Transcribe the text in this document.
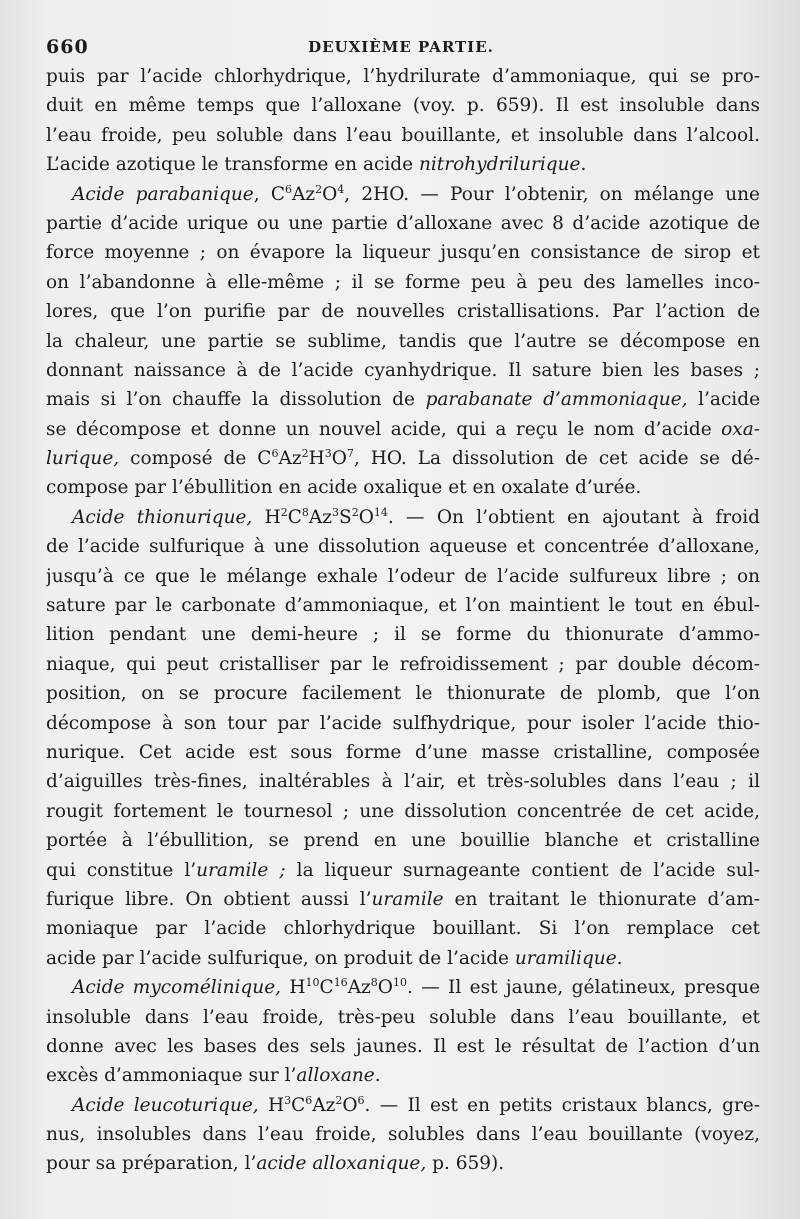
660	DEUXIÈME PARTIE.
puis par l’acide chlorhydrique, l’hydrilurate d’ammoniaque, qui se pro-
duit en même temps que l’alloxane (voy. p. 659). Il est insoluble dans
l’eau froide, peu soluble dans l’eau bouillante, et insoluble dans l’alcool.
L’acide azotique le transforme en acide nitrohydrilurique.
Acide parabanique, $C^6Az^2O^4$, 2HO. — Pour l’obtenir, on mélange une
partie d’acide urique ou une partie d’alloxane avec 8 d’acide azotique de
force moyenne ; on évapore la liqueur jusqu’en consistance de sirop et
on l’abandonne à elle-même ; il se forme peu à peu des lamelles inco-
lores, que l’on purifie par de nouvelles cristallisations. Par l’action de
la chaleur, une partie se sublime, tandis que l’autre se décompose en
donnant naissance à de l’acide cyanhydrique. Il sature bien les bases ;
mais si l’on chauffe la dissolution de parabanate d’ammoniaque, l’acide
se décompose et donne un nouvel acide, qui a reçu le nom d’acide oxa-
lurique, composé de $C^6Az^2H^3O^7$, HO. La dissolution de cet acide se dé-
compose par l’ébullition en acide oxalique et en oxalate d’urée.
Acide thionurique, $H^2C^8Az^3S^2O^{14}$. — On l’obtient en ajoutant à froid
de l’acide sulfurique à une dissolution aqueuse et concentrée d’alloxane,
jusqu’à ce que le mélange exhale l’odeur de l’acide sulfureux libre ; on
sature par le carbonate d’ammoniaque, et l’on maintient le tout en ébul-
lition pendant une demi-heure ; il se forme du thionurate d’ammo-
niaque, qui peut cristalliser par le refroidissement ; par double décom-
position, on se procure facilement le thionurate de plomb, que l’on
décompose à son tour par l’acide sulfhydrique, pour isoler l’acide thio-
nurique. Cet acide est sous forme d’une masse cristalline, composée
d’aiguilles très-fines, inaltérables à l’air, et très-solubles dans l’eau ; il
rougit fortement le tournesol ; une dissolution concentrée de cet acide,
portée à l’ébullition, se prend en une bouillie blanche et cristalline
qui constitue l’uramile ; la liqueur surnageante contient de l’acide sul-
furique libre. On obtient aussi l’uramile en traitant le thionurate d’am-
moniaque par l’acide chlorhydrique bouillant. Si l’on remplace cet
acide par l’acide sulfurique, on produit de l’acide uramilique.
Acide mycomélinique, $H^{10}C^{16}Az^8O^{10}$. — Il est jaune, gélatineux, presque
insoluble dans l’eau froide, très-peu soluble dans l’eau bouillante, et
donne avec les bases des sels jaunes. Il est le résultat de l’action d’un
excès d’ammoniaque sur l’alloxane.
Acide leucoturique, $H^3C^6Az^2O^6$. — Il est en petits cristaux blancs, gre-
nus, insolubles dans l’eau froide, solubles dans l’eau bouillante (voyez,
pour sa préparation, l’acide alloxanique, p. 659).
